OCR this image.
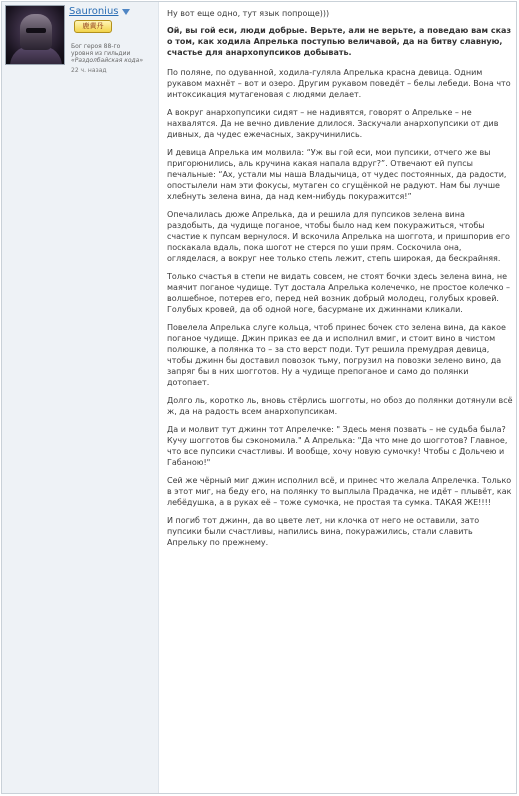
Sauronius
鹿黄丹
Бог героя 88-го
уровня из гильдии
«Раздолбайская кода»
22 ч. назад

Ну вот еще одно, тут язык попроще)))

Ой, вы гой еси, люди добрые. Верьте, али не верьте, а поведаю вам сказ о том, как ходила Апрелька поступью величавой, да на битву славную, счастье для анархопупсиков добывать.

По поляне, по одуванной, ходила-гуляла Апрелька красна девица. Одним рукавом махнёт – вот и озеро. Другим рукавом поведёт – белы лебеди. Вона что интоксикация мутагеновая с людями делает.

А вокруг анархопупсики сидят – не надивятся, говорят о Апрельке – не нахвалятся. Да не вечно дивление длилося. Заскучали анархопупсики от див дивных, да чудес ежечасных, закручинились.

И девица Апрелька им молвила: “Уж вы гой еси, мои пупсики, отчего же вы пригорюнились, аль кручина какая напала вдруг?”. Отвечают ей пупсы печальные: “Ах, устали мы наша Владычица, от чудес постоянных, да радости, опостылели нам эти фокусы, мутаген со сгущёнкой не радуют. Нам бы лучше хлебнуть зелена вина, да над кем-нибудь покуражится!”

Опечалилась дюже Апрелька, да и решила для пупсиков зелена вина раздобыть, да чудище поганое, чтобы было над кем покуражиться, чтобы счастие к пупсам вернулося. И вскочила Апрелька на шоггота, и пришпорив его поскакала вдаль, пока шогот не стерся по уши прям. Соскочила она, огляделася, а вокруг нее только степь лежит, степь широкая, да бескрайняя.

Только счастья в степи не видать совсем, не стоят бочки здесь зелена вина, не маячит поганое чудище. Тут достала Апрелька колечечко, не простое колечко – волшебное, потерев его, перед ней возник добрый молодец, голубых кровей. Голубых кровей, да об одной ноге, басурмане их джиннами кликали.

Повелела Апрелька слуге кольца, чтоб принес бочек сто зелена вина, да какое поганое чудище. Джин приказ ее да и исполнил вмиг, и стоит вино в чистом полюшке, а полянка то – за сто верст поди. Тут решила премудрая девица, чтобы джинн бы доставил повозок тьму, погрузил на повозки зелено вино, да запряг бы в них шогготов. Ну а чудище препоганое и само до полянки дотопает.

Долго ль, коротко ль, вновь стёрлись шогготы, но обоз до полянки дотянули всё ж, да на радость всем анархопупсикам.

Да и молвит тут джинн тот Апрелечке: " Здесь меня позвать – не судьба была? Кучу шогготов бы сэкономила." А Апрелька: "Да что мне до шогготов? Главное, что все пупсики счастливы. И вообще, хочу новую сумочку! Чтобы с Дольчею и Габаною!"

Сей же чёрный миг джин исполнил всё, и принес что желала Апрелечка. Только в этот миг, на беду его, на полянку то выплыла Прадачка, не идёт – плывёт, как лебёдушка, а в руках её – тоже сумочка, не простая та сумка. ТАКАЯ ЖЕ!!!!

И погиб тот джинн, да во цвете лет, ни клочка от него не оставили, зато пупсики были счастливы, напились вина, покуражились, стали славить Апрельку по прежнему.
